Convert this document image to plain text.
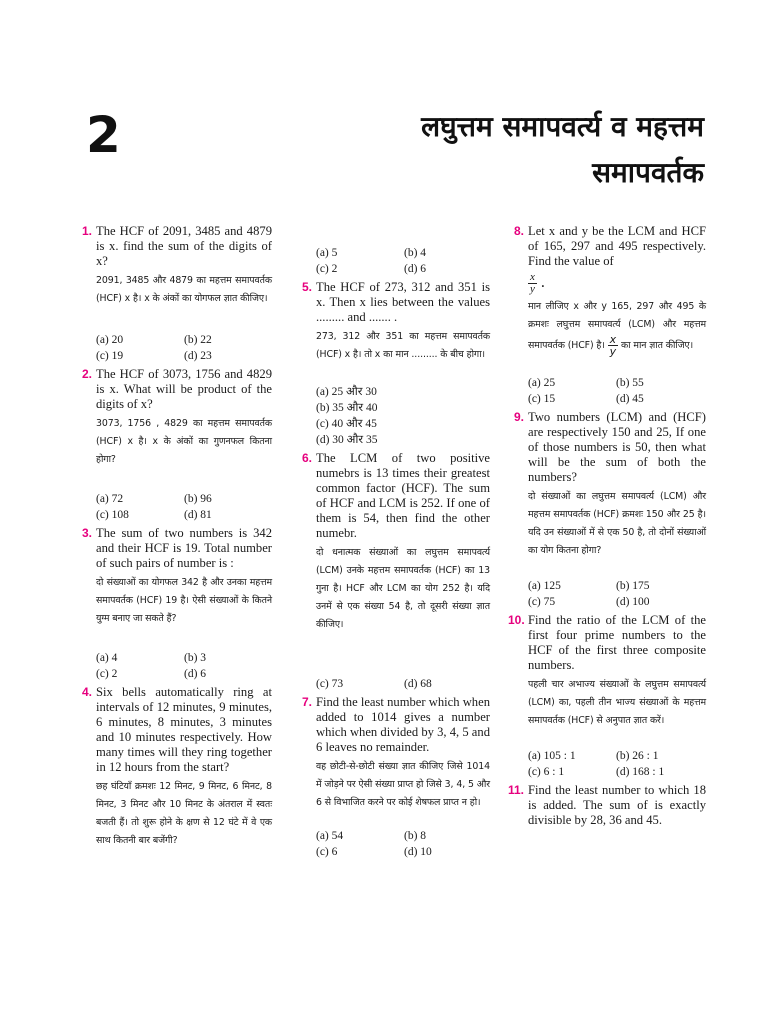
2	लघुत्तम समापवर्त्य व महत्तम
समापवर्तक
1. The HCF of 2091, 3485 and 4879 is x. find the sum of the digits of x?
2091, 3485 और 4879 का महत्तम समापवर्तक (HCF) x है। x के अंकों का योगफल ज्ञात कीजिए।
(a) 20	(b) 22
(c) 19	(d) 23
2. The HCF of 3073, 1756 and 4829 is x. What will be product of the digits of x?
3073, 1756 , 4829 का महत्तम समापवर्तक (HCF) x है। x के अंकों का गुणनफल कितना होगा?
(a) 72	(b) 96
(c) 108	(d) 81
3. The sum of two numbers is 342 and their HCF is 19. Total number of such pairs of number is :
दो संख्याओं का योगफल 342 है और उनका महत्तम समापवर्तक (HCF) 19 है। ऐसी संख्याओं के कितने युग्म बनाए जा सकते हैं?
(a) 4	(b) 3
(c) 2	(d) 6
4. Six bells automatically ring at intervals of 12 minutes, 9 minutes, 6 minutes, 8 minutes, 3 minutes and 10 minutes respectively. How many times will they ring together in 12 hours from the start?
छह घंटियाँ क्रमशः 12 मिनट, 9 मिनट, 6 मिनट, 8 मिनट, 3 मिनट और 10 मिनट के अंतराल में स्वतः बजती हैं। तो शुरू होने के क्षण से 12 घंटे में वे एक साथ कितनी बार बजेंगी?
(a) 5	(b) 4
(c) 2	(d) 6
5. The HCF of 273, 312 and 351 is x. Then x lies between the values ......... and ....... .
273, 312 और 351 का महत्तम समापवर्तक (HCF) x है। तो x का मान ......... के बीच होगा।
(a) 25 और 30
(b) 35 और 40
(c) 40 और 45
(d) 30 और 35
6. The LCM of two positive numebrs is 13 times their greatest common factor (HCF). The sum of HCF and LCM is 252. If one of them is 54, then find the other numebr.
दो धनात्मक संख्याओं का लघुत्तम समापवर्त्य (LCM) उनके महत्तम समापवर्तक (HCF) का 13 गुना है। HCF और LCM का योग 252 है। यदि उनमें से एक संख्या 54 है, तो दूसरी संख्या ज्ञात कीजिए।
(c) 73	(d) 68
7. Find the least number which when added to 1014 gives a number which when divided by 3, 4, 5 and 6 leaves no remainder.
वह छोटी-से-छोटी संख्या ज्ञात कीजिए जिसे 1014 में जोड़ने पर ऐसी संख्या प्राप्त हो जिसे 3, 4, 5 और 6 से विभाजित करने पर कोई शेषफल प्राप्त न हो।
(a) 54	(b) 8
(c) 6	(d) 10
8. Let x and y be the LCM and HCF of 165, 297 and 495 respectively. Find the value of
$\frac{x}{y}$ .
मान लीजिए x और y 165, 297 और 495 के क्रमशः लघुत्तम समापवर्त्य (LCM) और महत्तम समापवर्तक (HCF) है। $\frac{x}{y}$ का मान ज्ञात कीजिए।
(a) 25	(b) 55
(c) 15	(d) 45
9. Two numbers (LCM) and (HCF) are respectively 150 and 25, If one of those numbers is 50, then what will be the sum of both the numbers?
दो संख्याओं का लघुत्तम समापवर्त्य (LCM) और महत्तम समापवर्तक (HCF) क्रमशः 150 और 25 है। यदि उन संख्याओं में से एक 50 है, तो दोनों संख्याओं का योग कितना होगा?
(a) 125	(b) 175
(c) 75	(d) 100
10. Find the ratio of the LCM of the first four prime numbers to the HCF of the first three composite numbers.
पहली चार अभाज्य संख्याओं के लघुत्तम समापवर्त्य (LCM) का, पहली तीन भाज्य संख्याओं के महत्तम समापवर्तक (HCF) से अनुपात ज्ञात करें।
(a) 105 : 1	(b) 26 : 1
(c) 6 : 1	(d) 168 : 1
11. Find the least number to which 18 is added. The sum of is exactly divisible by 28, 36 and 45.
